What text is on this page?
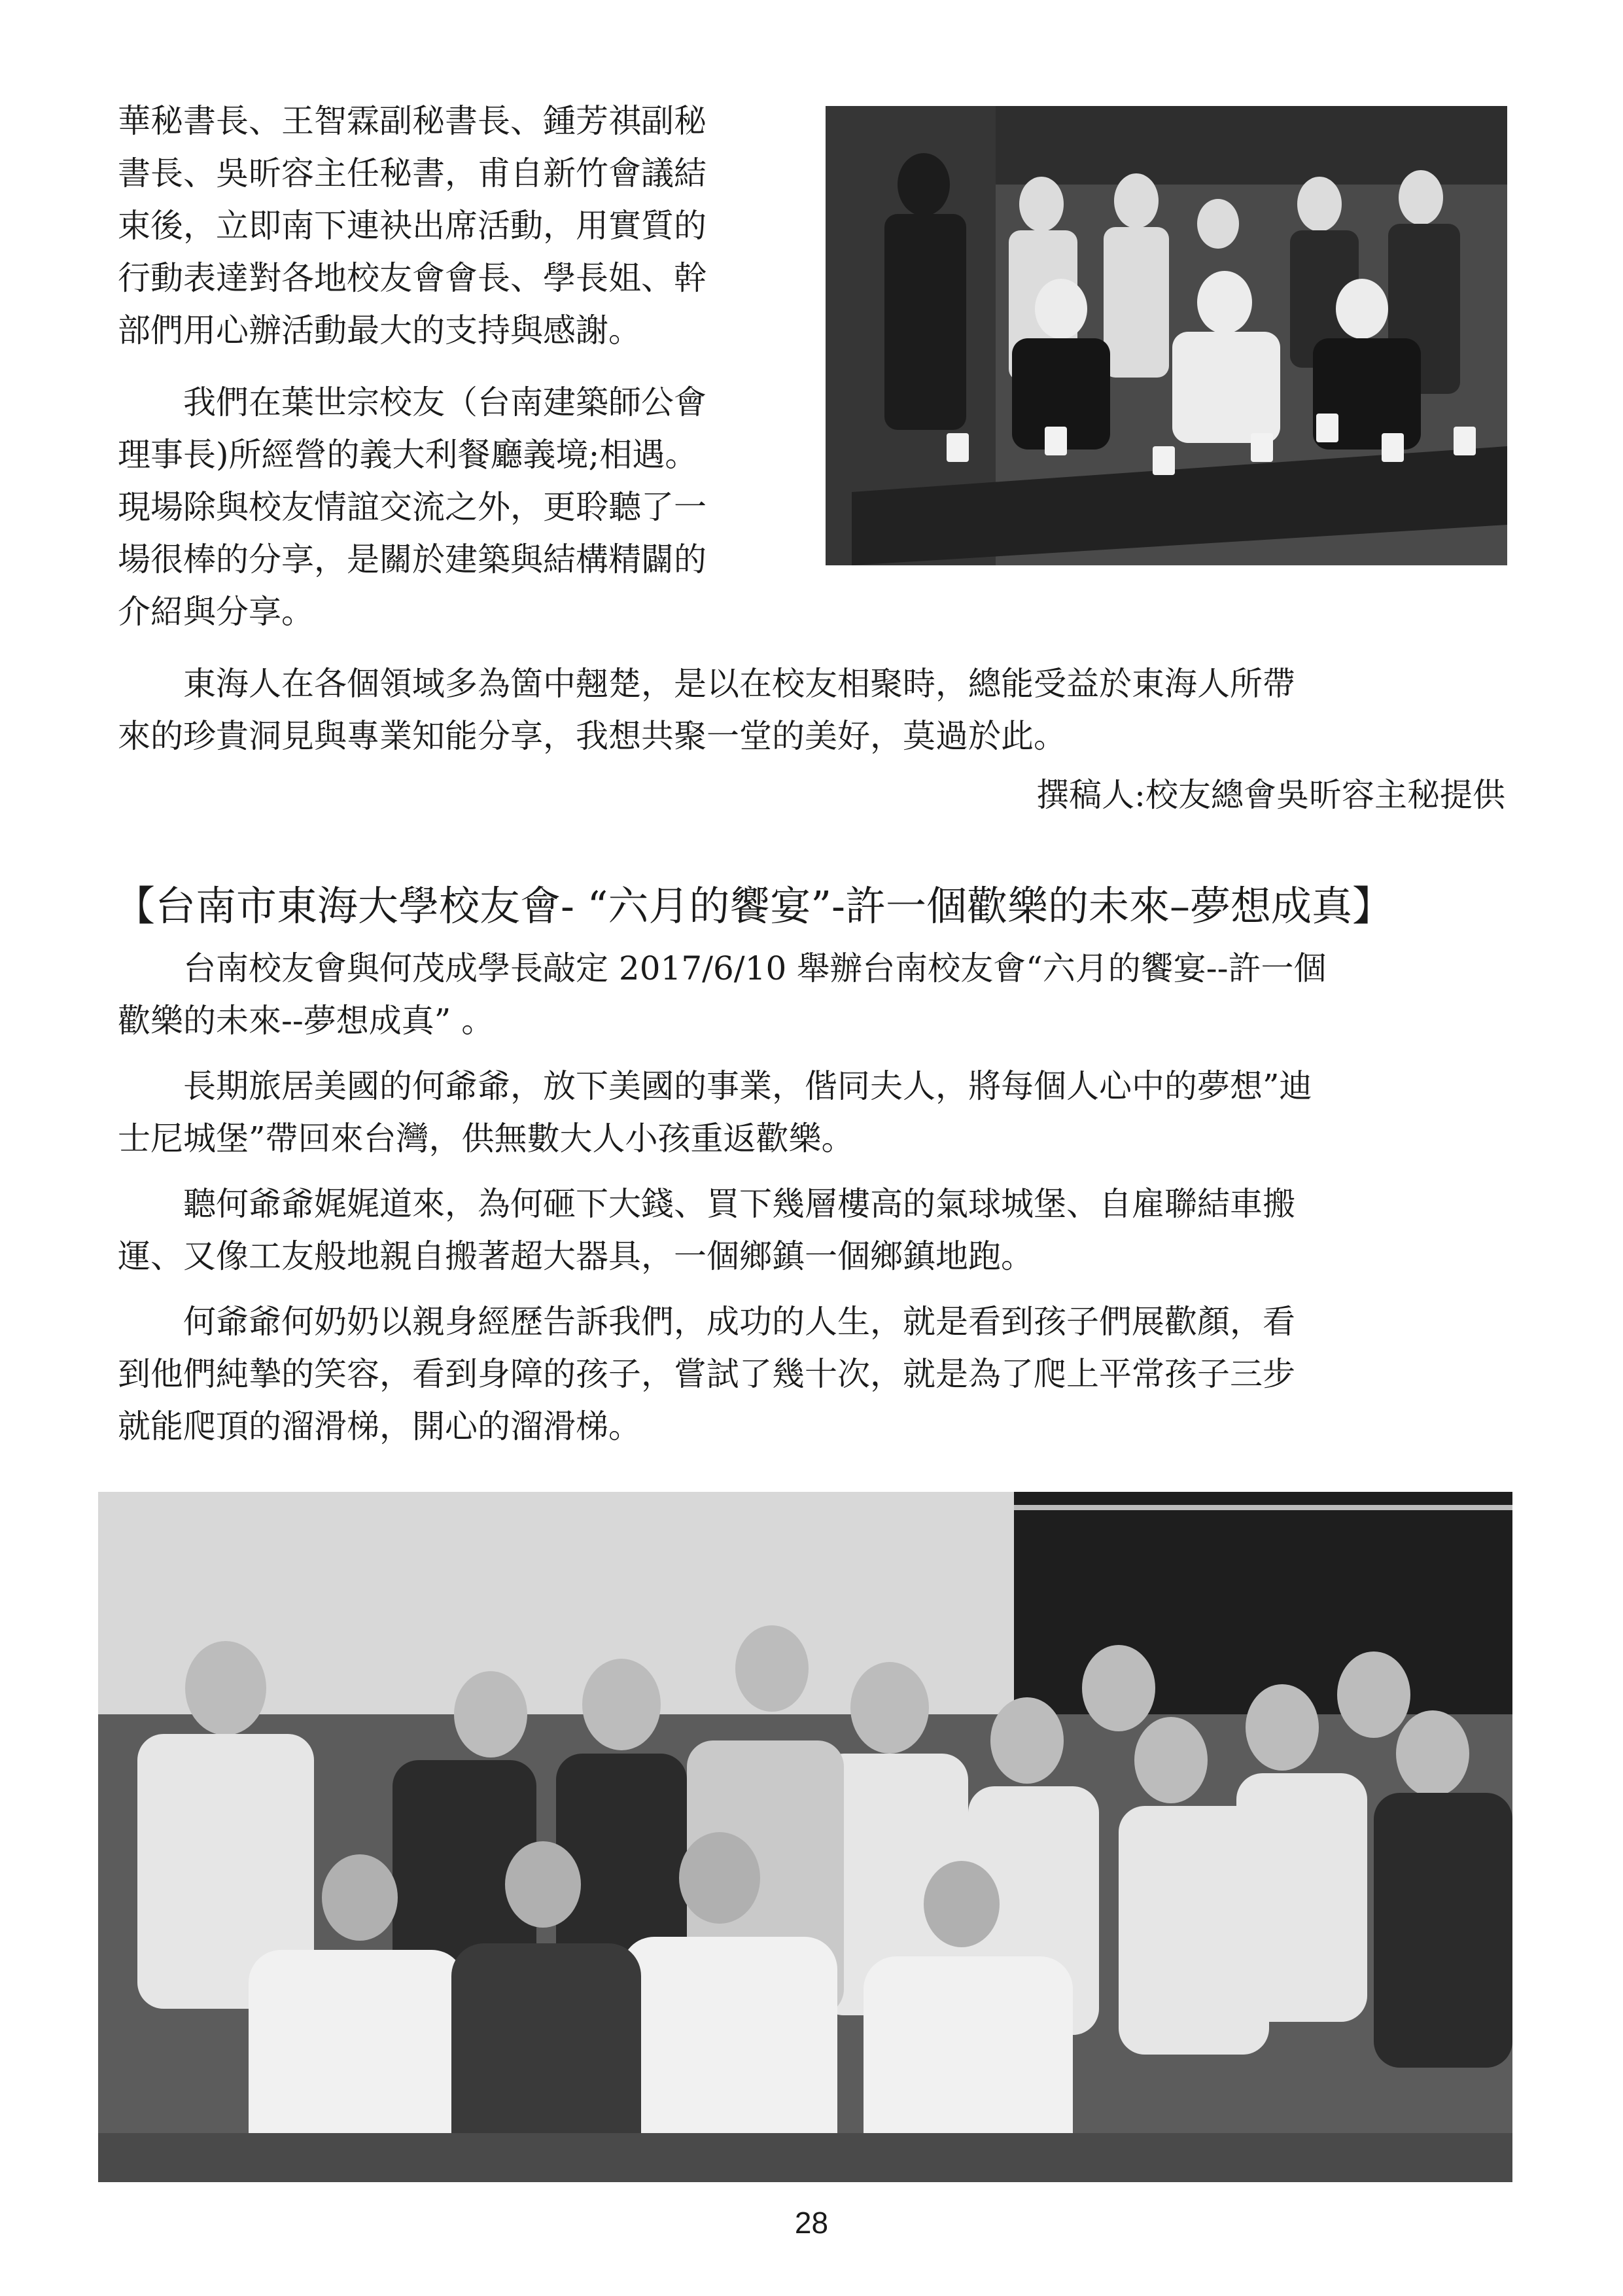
華秘書長、王智霖副秘書長、鍾芳祺副秘
書長、吳昕容主任秘書，甫自新竹會議結
束後，立即南下連袂出席活動，用實質的
行動表達對各地校友會會長、學長姐、幹
部們用心辦活動最大的支持與感謝。

　　我們在葉世宗校友（台南建築師公會
理事長)所經營的義大利餐廳義境;相遇。
現場除與校友情誼交流之外，更聆聽了一
場很棒的分享，是關於建築與結構精闢的
介紹與分享。

　　東海人在各個領域多為箇中翹楚，是以在校友相聚時，總能受益於東海人所帶
來的珍貴洞見與專業知能分享，我想共聚一堂的美好，莫過於此。

撰稿人:校友總會吳昕容主秘提供

【台南市東海大學校友會- “六月的饗宴”-許一個歡樂的未來–夢想成真】

　　台南校友會與何茂成學長敲定 2017/6/10 舉辦台南校友會“六月的饗宴--許一個
歡樂的未來--夢想成真” 。

　　長期旅居美國的何爺爺，放下美國的事業，偕同夫人，將每個人心中的夢想”迪
士尼城堡”帶回來台灣，供無數大人小孩重返歡樂。

　　聽何爺爺娓娓道來，為何砸下大錢、買下幾層樓高的氣球城堡、自雇聯結車搬
運、又像工友般地親自搬著超大器具，一個鄉鎮一個鄉鎮地跑。

　　何爺爺何奶奶以親身經歷告訴我們，成功的人生，就是看到孩子們展歡顏，看
到他們純摯的笑容，看到身障的孩子，嘗試了幾十次，就是為了爬上平常孩子三步
就能爬頂的溜滑梯，開心的溜滑梯。

28
